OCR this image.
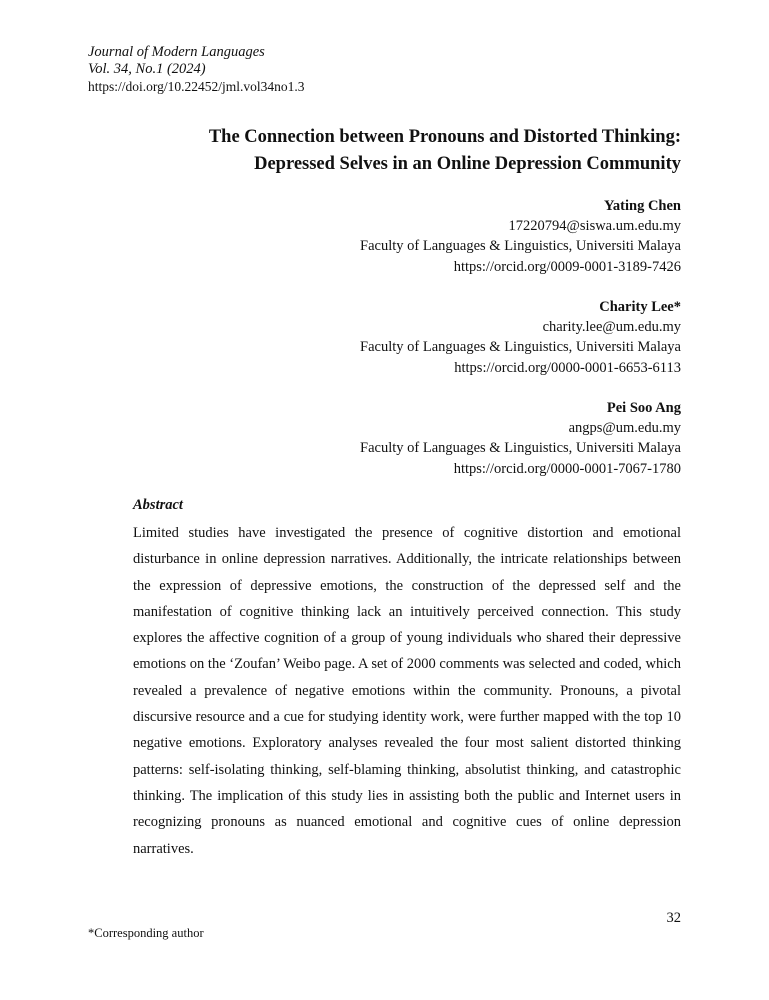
Journal of Modern Languages
Vol. 34, No.1 (2024)
https://doi.org/10.22452/jml.vol34no1.3
The Connection between Pronouns and Distorted Thinking:
Depressed Selves in an Online Depression Community
Yating Chen
17220794@siswa.um.edu.my
Faculty of Languages & Linguistics, Universiti Malaya
https://orcid.org/0009-0001-3189-7426
Charity Lee*
charity.lee@um.edu.my
Faculty of Languages & Linguistics, Universiti Malaya
https://orcid.org/0000-0001-6653-6113
Pei Soo Ang
angps@um.edu.my
Faculty of Languages & Linguistics, Universiti Malaya
https://orcid.org/0000-0001-7067-1780
Abstract

Limited studies have investigated the presence of cognitive distortion and emotional disturbance in online depression narratives. Additionally, the intricate relationships between the expression of depressive emotions, the construction of the depressed self and the manifestation of cognitive thinking lack an intuitively perceived connection. This study explores the affective cognition of a group of young individuals who shared their depressive emotions on the ‘Zoufan’ Weibo page. A set of 2000 comments was selected and coded, which revealed a prevalence of negative emotions within the community. Pronouns, a pivotal discursive resource and a cue for studying identity work, were further mapped with the top 10 negative emotions. Exploratory analyses revealed the four most salient distorted thinking patterns: self-isolating thinking, self-blaming thinking, absolutist thinking, and catastrophic thinking. The implication of this study lies in assisting both the public and Internet users in recognizing pronouns as nuanced emotional and cognitive cues of online depression narratives.

32
*Corresponding author
